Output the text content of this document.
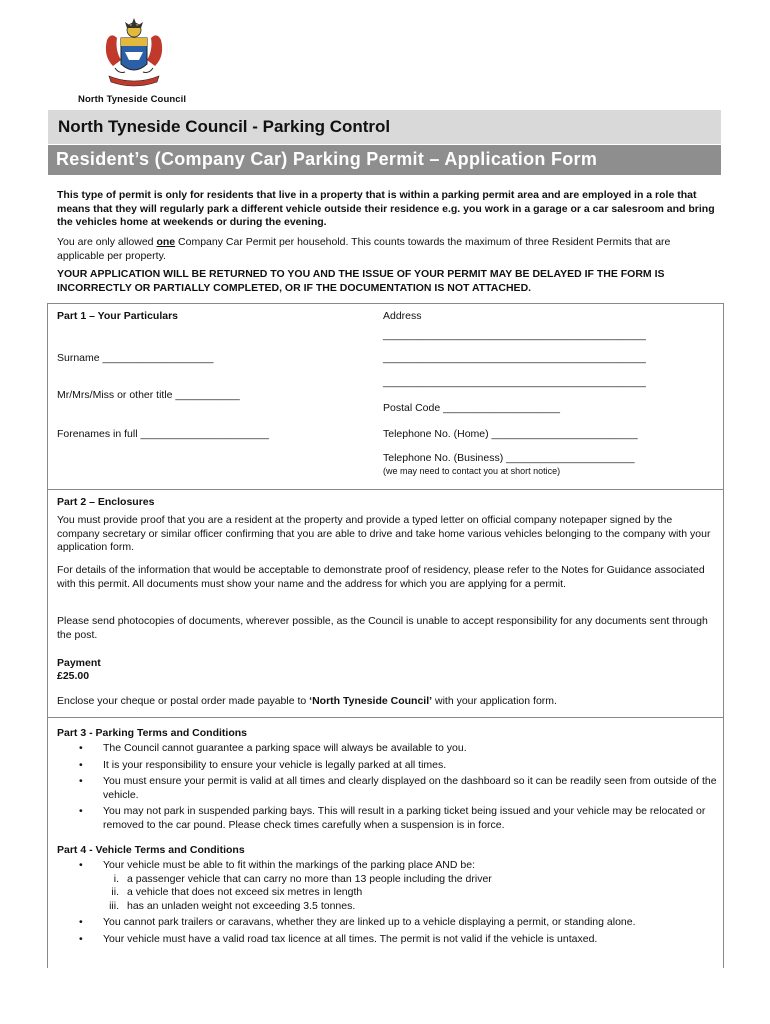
North Tyneside Council
North Tyneside Council - Parking Control
Resident’s (Company Car) Parking Permit – Application Form
This type of permit is only for residents that live in a property that is within a parking permit area and are employed in a role that means that they will regularly park a different vehicle outside their residence e.g. you work in a garage or a car salesroom and bring the vehicles home at weekends or during the evening.
You are only allowed one Company Car Permit per household. This counts towards the maximum of three Resident Permits that are applicable per property.
YOUR APPLICATION WILL BE RETURNED TO YOU AND THE ISSUE OF YOUR PERMIT MAY BE DELAYED IF THE FORM IS INCORRECTLY OR PARTIALLY COMPLETED, OR IF THE DOCUMENTATION IS NOT ATTACHED.
Part 1 – Your Particulars
Surname ___________________
Mr/Mrs/Miss or other title ___________
Forenames in full ______________________
Address
_____________________________________________
_____________________________________________
_____________________________________________
Postal Code ____________________
Telephone No. (Home) _________________________
Telephone No. (Business) ______________________
(we may need to contact you at short notice)
Part 2 – Enclosures
You must provide proof that you are a resident at the property and provide a typed letter on official company notepaper signed by the company secretary or similar officer confirming that you are able to drive and take home various vehicles belonging to the company with your application form.
For details of the information that would be acceptable to demonstrate proof of residency, please refer to the Notes for Guidance associated with this permit. All documents must show your name and the address for which you are applying for a permit.
Please send photocopies of documents, wherever possible, as the Council is unable to accept responsibility for any documents sent through the post.
Payment
£25.00
Enclose your cheque or postal order made payable to ‘North Tyneside Council’ with your application form.
Part 3 - Parking Terms and Conditions
• The Council cannot guarantee a parking space will always be available to you.
• It is your responsibility to ensure your vehicle is legally parked at all times.
• You must ensure your permit is valid at all times and clearly displayed on the dashboard so it can be readily seen from outside of the vehicle.
• You may not park in suspended parking bays. This will result in a parking ticket being issued and your vehicle may be relocated or removed to the car pound. Please check times carefully when a suspension is in force.
Part 4 - Vehicle Terms and Conditions
• Your vehicle must be able to fit within the markings of the parking place AND be:
i. a passenger vehicle that can carry no more than 13 people including the driver
ii. a vehicle that does not exceed six metres in length
iii. has an unladen weight not exceeding 3.5 tonnes.
• You cannot park trailers or caravans, whether they are linked up to a vehicle displaying a permit, or standing alone.
• Your vehicle must have a valid road tax licence at all times. The permit is not valid if the vehicle is untaxed.
